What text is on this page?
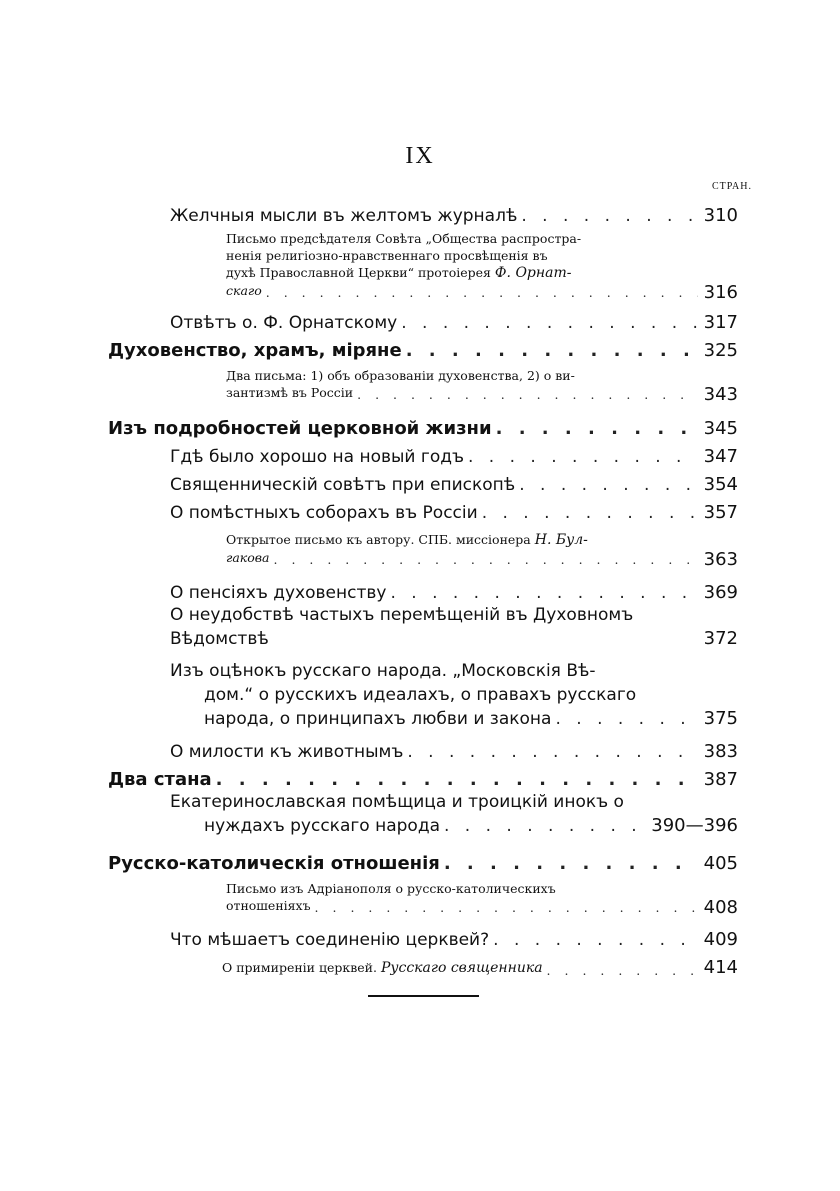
IX
СТРАН.
Желчныя мысли въ желтомъ журналѣ . . .	310
Письмо предсѣдателя Совѣта „Общества распростра-
ненія религіозно-нравственнаго просвѣщенія въ
духѣ Православной Церкви“ протоіерея Ф. Орнат-
скаго . . .	316
Отвѣтъ о. Ф. Орнатскому . . .	317
Духовенство, храмъ, міряне . . .	325
Два письма: 1) объ образованіи духовенства, 2) о ви-
зантизмѣ въ Россіи . . .	343
Изъ подробностей церковной жизни . . .	345
Гдѣ было хорошо на новый годъ . . .	347
Священническій совѣтъ при епископѣ . . .	354
О помѣстныхъ соборахъ въ Россіи . . .	357
Открытое письмо къ автору. СПБ. миссіонера Н. Бул-
гакова . . .	363
О пенсіяхъ духовенству . . .	369
О неудобствѣ частыхъ перемѣщеній въ Духовномъ
Вѣдомствѣ	372
Изъ оцѣнокъ русскаго народа. „Московскія Вѣ-
дом.“ о русскихъ идеалахъ, о правахъ русскаго
народа, о принципахъ любви и закона . . .	375
О милости къ животнымъ . . .	383
Два стана . . .	387
Екатеринославская помѣщица и троицкій инокъ о
нуждахъ русскаго народа . . .	390—396
Русско-католическія отношенія . . .	405
Письмо изъ Адріанополя о русско-католическихъ
отношеніяхъ . . .	408
Что мѣшаетъ соединенію церквей? . . .	409
О примиреніи церквей. Русскаго священника . . .	414
